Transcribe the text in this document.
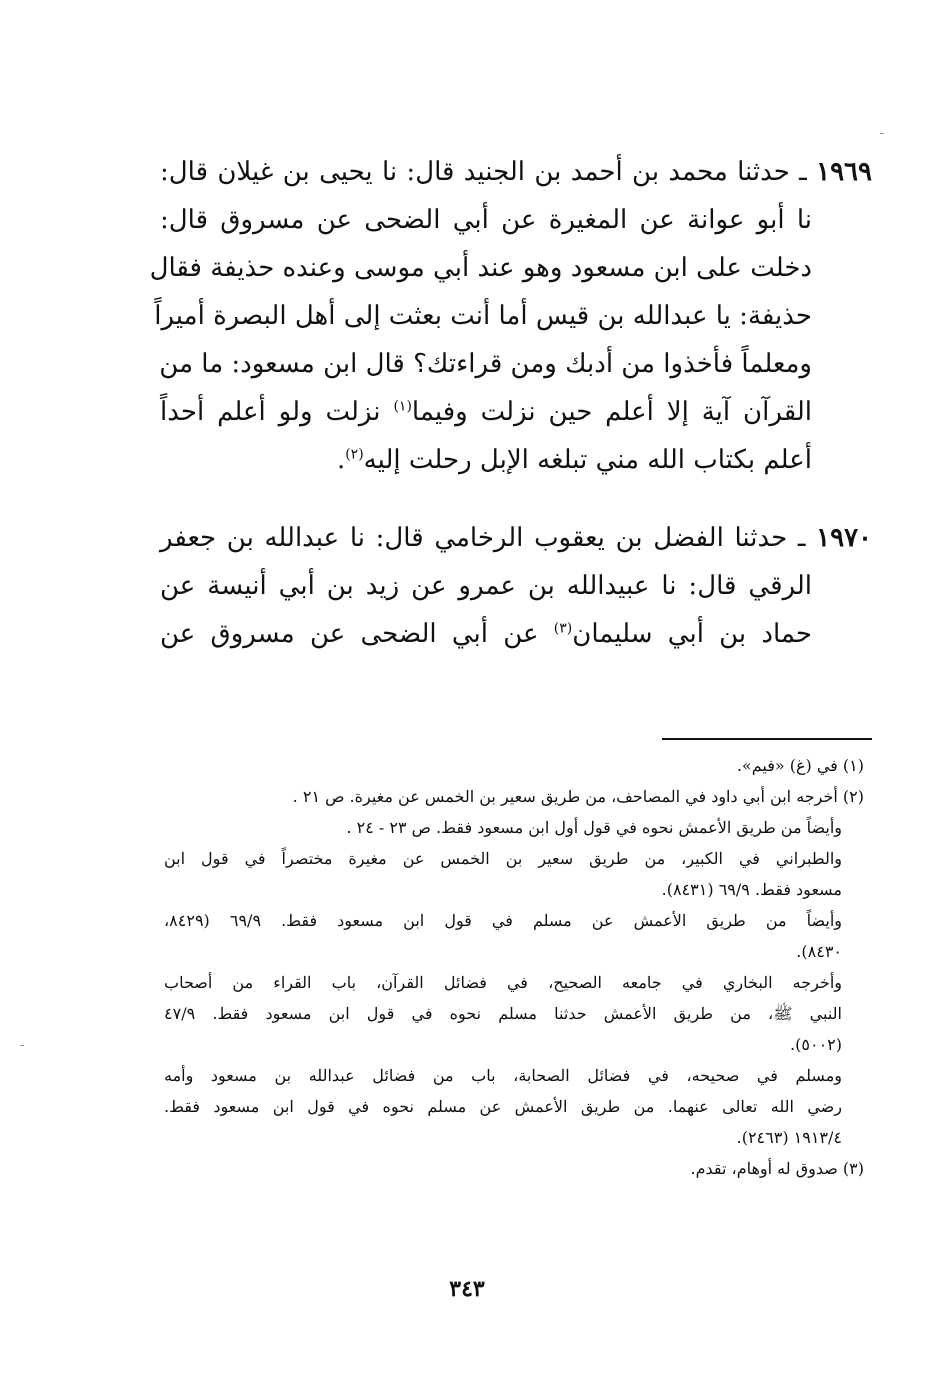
١٩٦٩ ـ حدثنا محمد بن أحمد بن الجنيد قال: نا يحيى بن غيلان قال:
نا أبو عوانة عن المغيرة عن أبي الضحى عن مسروق قال:
دخلت على ابن مسعود وهو عند أبي موسى وعنده حذيفة فقال
حذيفة: يا عبدالله بن قيس أما أنت بعثت إلى أهل البصرة أميراً
ومعلماً فأخذوا من أدبك ومن قراءتك؟ قال ابن مسعود: ما من
القرآن آية إلا أعلم حين نزلت وفيما$^{(١)}$ نزلت ولو أعلم أحداً
أعلم بكتاب الله مني تبلغه الإبل رحلت إليه$^{(٢)}$.
١٩٧٠ ـ حدثنا الفضل بن يعقوب الرخامي قال: نا عبدالله بن جعفر
الرقي قال: نا عبيدالله بن عمرو عن زيد بن أبي أنيسة عن
حماد بن أبي سليمان$^{(٣)}$ عن أبي الضحى عن مسروق عن
(١) في (غ) «فيم».
(٢) أخرجه ابن أبي داود في المصاحف، من طريق سعير بن الخمس عن مغيرة. ص ٢١ .
وأيضاً من طريق الأعمش نحوه في قول أول ابن مسعود فقط. ص ٢٣ - ٢٤ .
والطبراني في الكبير، من طريق سعير بن الخمس عن مغيرة مختصراً في قول ابن
مسعود فقط. ٦٩/٩ (٨٤٣١).
وأيضاً من طريق الأعمش عن مسلم في قول ابن مسعود فقط. ٦٩/٩ (٨٤٢٩،
٨٤٣٠).
وأخرجه البخاري في جامعه الصحيح، في فضائل القرآن، باب القراء من أصحاب
النبي ﷺ، من طريق الأعمش حدثنا مسلم نحوه في قول ابن مسعود فقط. ٤٧/٩
(٥٠٠٢).
ومسلم في صحيحه، في فضائل الصحابة، باب من فضائل عبدالله بن مسعود وأمه
رضي الله تعالى عنهما. من طريق الأعمش عن مسلم نحوه في قول ابن مسعود فقط.
١٩١٣/٤ (٢٤٦٣).
(٣) صدوق له أوهام، تقدم.
٣٤٣
